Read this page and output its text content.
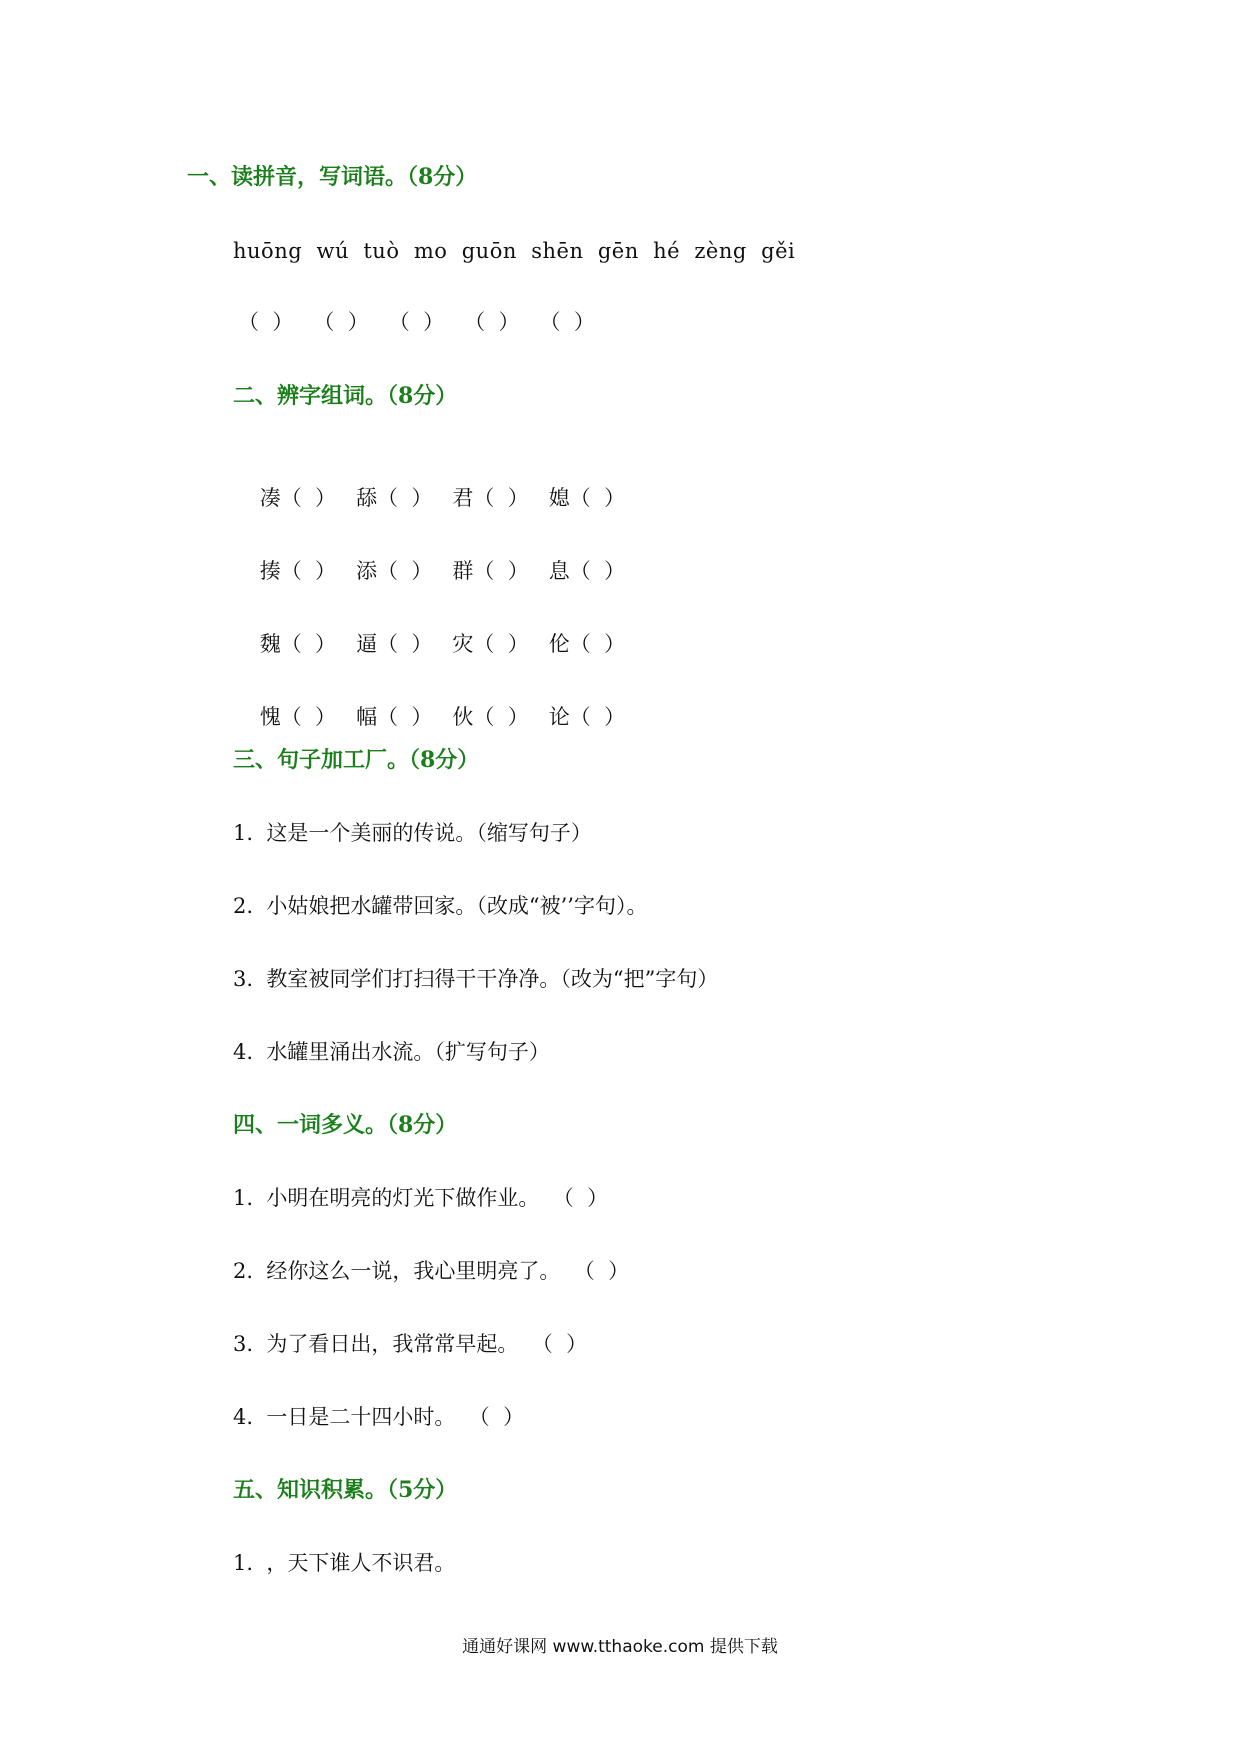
一、读拼音，写词语。（8分）
huōng  wú  tuò  mo  guōn  shēn  gēn  hé  zèng  gěi
（  ）   （  ）   （  ）   （  ）   （  ）
二、辨字组词。（8分）

凑（  ） 舔（  ） 君（  ） 媳（  ）

揍（  ） 添（  ） 群（  ） 息（  ）

魏（  ） 逼（  ） 灾（  ） 伦（  ）

愧（  ） 幅（  ） 伙（  ） 论（  ）

三、句子加工厂。（8分）
1.  这是一个美丽的传说。（缩写句子）
2.  小姑娘把水罐带回家。（改成“被’’字句）。
3.  教室被同学们打扫得干干净净。（改为“把”字句）
4.  水罐里涌出水流。（扩写句子）
四、一词多义。（8分）
1.  小明在明亮的灯光下做作业。  （  ）
2.  经你这么一说，我心里明亮了。  （  ）
3.  为了看日出，我常常早起。  （  ）
4.  一日是二十四小时。  （  ）
五、知识积累。（5分）
1.  ，天下谁人不识君。
通通好课网 www.tthaoke.com 提供下载
